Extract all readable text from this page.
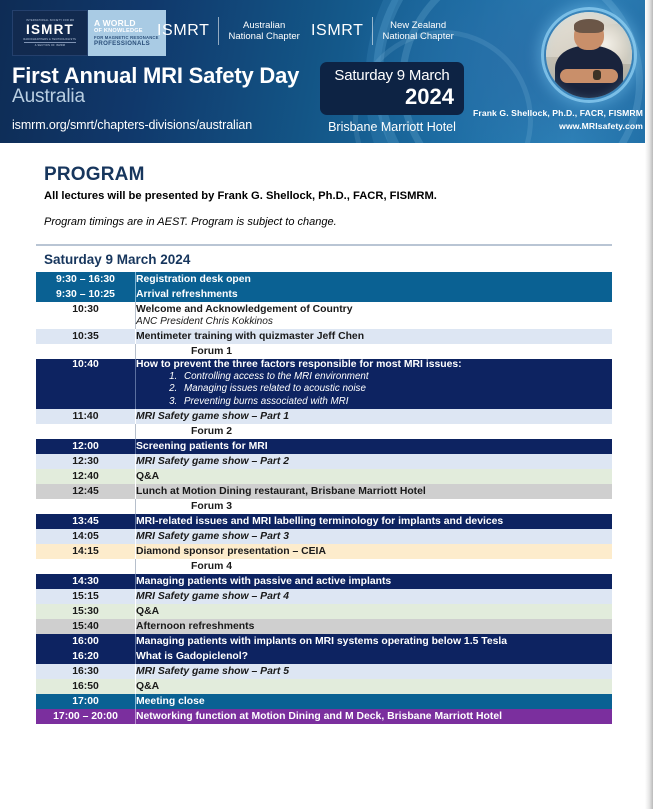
INTERNATIONAL SOCIETY FOR MR
ISMRT
RADIOGRAPHERS & TECHNOLOGISTS
A SECTION OF ISMRM
A WORLD
OF KNOWLEDGE
FOR MAGNETIC RESONANCE
PROFESSIONALS
ISMRT	Australian
National Chapter ISMRT	New Zealand
National Chapter
First Annual MRI Safety Day
Australia
ismrm.org/smrt/chapters-divisions/australian
Saturday 9 March
2024
Brisbane Marriott Hotel
Frank G. Shellock, Ph.D., FACR, FISMRM
www.MRIsafety.com
PROGRAM
All lectures will be presented by Frank G. Shellock, Ph.D., FACR, FISMRM.
Program timings are in AEST. Program is subject to change.
Saturday 9 March 2024
9:30 – 16:30	Registration desk open
9:30 – 10:25	Arrival refreshments
10:30	Welcome and Acknowledgement of Country
ANC President Chris Kokkinos

10:35	Mentimeter training with quizmaster Jeff Chen
	Forum 1
10:40	How to prevent the three factors responsible for most MRI issues:
1. Controlling access to the MRI environment
2. Managing issues related to acoustic noise
3. Preventing burns associated with MRI

11:40	MRI Safety game show – Part 1
	Forum 2
12:00	Screening patients for MRI
12:30	MRI Safety game show – Part 2
12:40	Q&A
12:45	Lunch at Motion Dining restaurant, Brisbane Marriott Hotel
	Forum 3
13:45	MRI-related issues and MRI labelling terminology for implants and devices
14:05	MRI Safety game show – Part 3
14:15	Diamond sponsor presentation – CEIA
	Forum 4
14:30	Managing patients with passive and active implants
15:15	MRI Safety game show – Part 4
15:30	Q&A
15:40	Afternoon refreshments
16:00	Managing patients with implants on MRI systems operating below 1.5 Tesla
16:20	What is Gadopiclenol?
16:30	MRI Safety game show – Part 5
16:50	Q&A
17:00	Meeting close
17:00 – 20:00	Networking function at Motion Dining and M Deck, Brisbane Marriott Hotel
